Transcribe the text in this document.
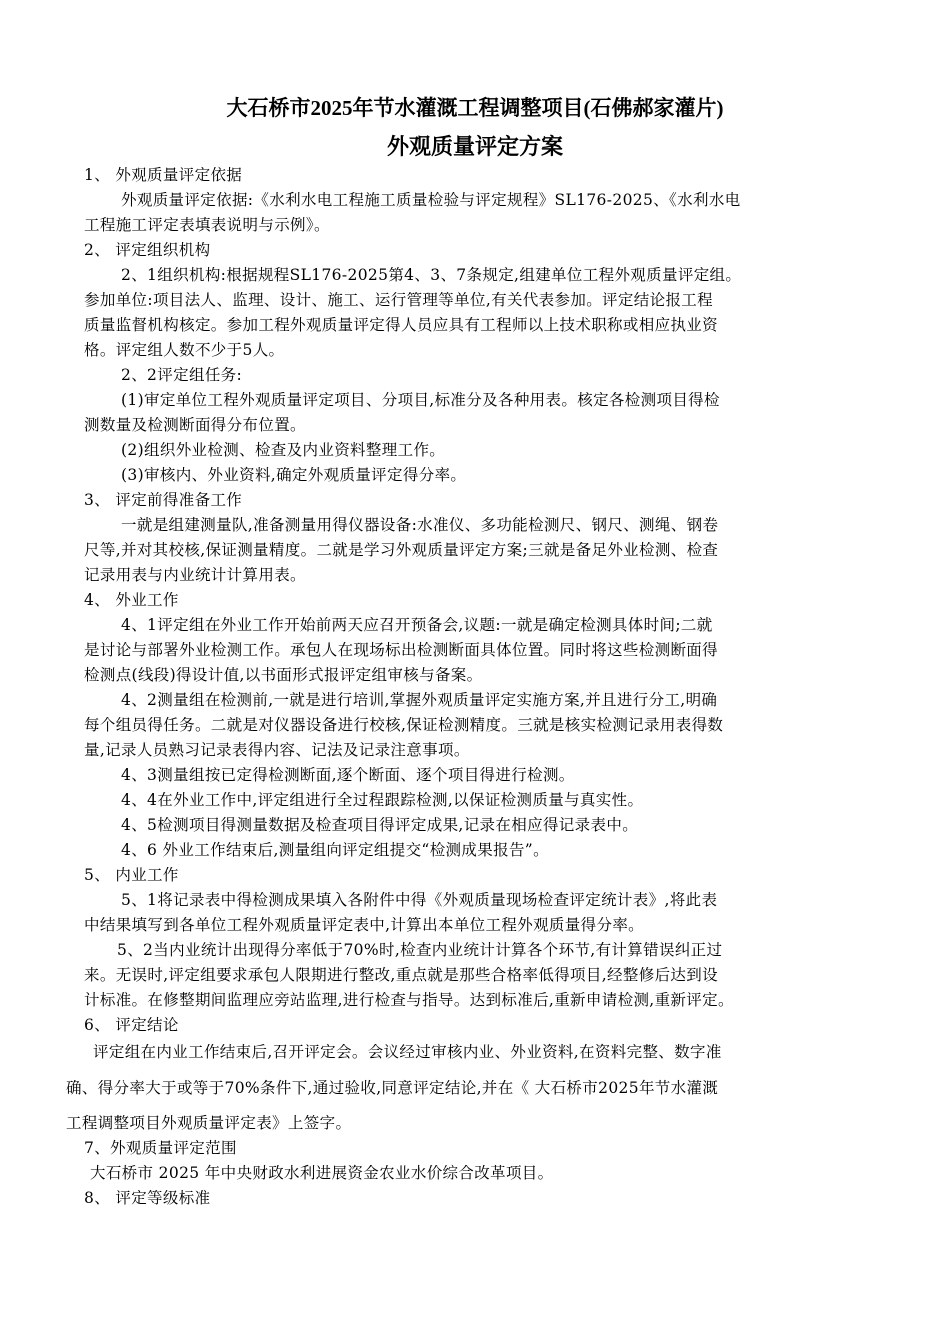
大石桥市2025年节水灌溉工程调整项目(石佛郝家灌片)
外观质量评定方案
1、 外观质量评定依据
外观质量评定依据:《水利水电工程施工质量检验与评定规程》SL176-2025、《水利水电
工程施工评定表填表说明与示例》。
2、 评定组织机构
2、1组织机构:根据规程SL176-2025第4、3、7条规定,组建单位工程外观质量评定组。
参加单位:项目法人、监理、设计、施工、运行管理等单位,有关代表参加。评定结论报工程
质量监督机构核定。参加工程外观质量评定得人员应具有工程师以上技术职称或相应执业资
格。评定组人数不少于5人。
2、2评定组任务:
(1)审定单位工程外观质量评定项目、分项目,标准分及各种用表。核定各检测项目得检
测数量及检测断面得分布位置。
(2)组织外业检测、检查及内业资料整理工作。
(3)审核内、外业资料,确定外观质量评定得分率。
3、 评定前得准备工作
一就是组建测量队,准备测量用得仪器设备:水准仪、多功能检测尺、钢尺、测绳、钢卷
尺等,并对其校核,保证测量精度。二就是学习外观质量评定方案;三就是备足外业检测、检查
记录用表与内业统计计算用表。
4、 外业工作
4、1评定组在外业工作开始前两天应召开预备会,议题:一就是确定检测具体时间;二就
是讨论与部署外业检测工作。承包人在现场标出检测断面具体位置。同时将这些检测断面得
检测点(线段)得设计值,以书面形式报评定组审核与备案。
4、2测量组在检测前,一就是进行培训,掌握外观质量评定实施方案,并且进行分工,明确
每个组员得任务。二就是对仪器设备进行校核,保证检测精度。三就是核实检测记录用表得数
量,记录人员熟习记录表得内容、记法及记录注意事项。
4、3测量组按已定得检测断面,逐个断面、逐个项目得进行检测。
4、4在外业工作中,评定组进行全过程跟踪检测,以保证检测质量与真实性。
4、5检测项目得测量数据及检查项目得评定成果,记录在相应得记录表中。
4、6 外业工作结束后,测量组向评定组提交“检测成果报告”。
5、 内业工作
5、1将记录表中得检测成果填入各附件中得《外观质量现场检查评定统计表》,将此表
中结果填写到各单位工程外观质量评定表中,计算出本单位工程外观质量得分率。
5、2当内业统计出现得分率低于70%时,检查内业统计计算各个环节,有计算错误纠正过
来。无误时,评定组要求承包人限期进行整改,重点就是那些合格率低得项目,经整修后达到设
计标准。在修整期间监理应旁站监理,进行检查与指导。达到标准后,重新申请检测,重新评定。
6、 评定结论
评定组在内业工作结束后,召开评定会。会议经过审核内业、外业资料,在资料完整、数字准
确、得分率大于或等于70%条件下,通过验收,同意评定结论,并在《 大石桥市2025年节水灌溉
工程调整项目外观质量评定表》上签字。
7、外观质量评定范围
大石桥市 2025 年中央财政水利进展资金农业水价综合改革项目。
8、 评定等级标准
